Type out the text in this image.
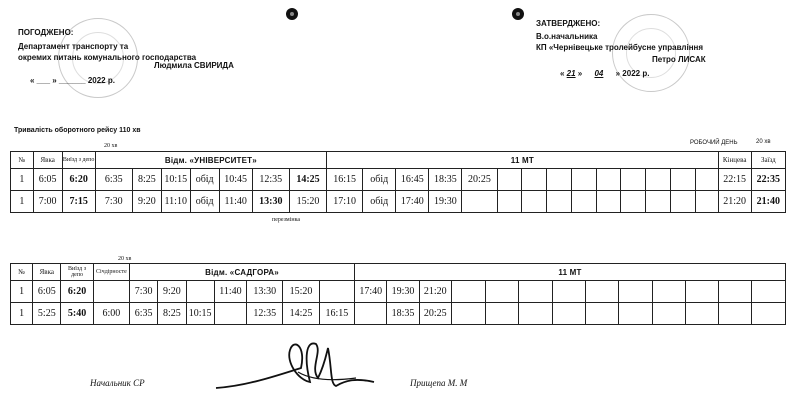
ПОГОДЖЕНО:
Департамент транспорту та
окремих питань комунального господарства
Людмила СВИРИДА
« ___ » ______ 2022 р.
ЗАТВЕРДЖЕНО:
В.о.начальника
КП «Чернівецьке тролейбусне управління
Петро ЛИСАК
« 21 » 04 » 2022 р.
Тривалість оборотного рейсу 110 хв
РОБОЧИЙ ДЕНЬ	20 хв
20 хв
№	Явка	Виїзд з депо	Відм. «УНІВЕРСИТЕТ»							11 МТ														Кінцева	Заїзд
1	6:05	6:20	6:35	8:25	10:15	обід	10:45	12:35	14:25	16:15	обід	16:45	18:35	20:25										22:15	22:35
1	7:00	7:15	7:30	9:20	11:10	обід	11:40	13:30	15:20	17:10	обід	17:40	19:30											21:20	21:40
перезмінка
20 хв
№	Явка	Виїзд з депо	Січдірносте	Відм. «САДГОРА»							11 МТ												
1	6:05	6:20		7:30	9:20		11:40	13:30	15:20		17:40	19:30	21:20										
1	5:25	5:40	6:00	6:35	8:25	10:15		12:35	14:25	16:15		18:35	20:25										
Начальник СР	Прищепа М. М
